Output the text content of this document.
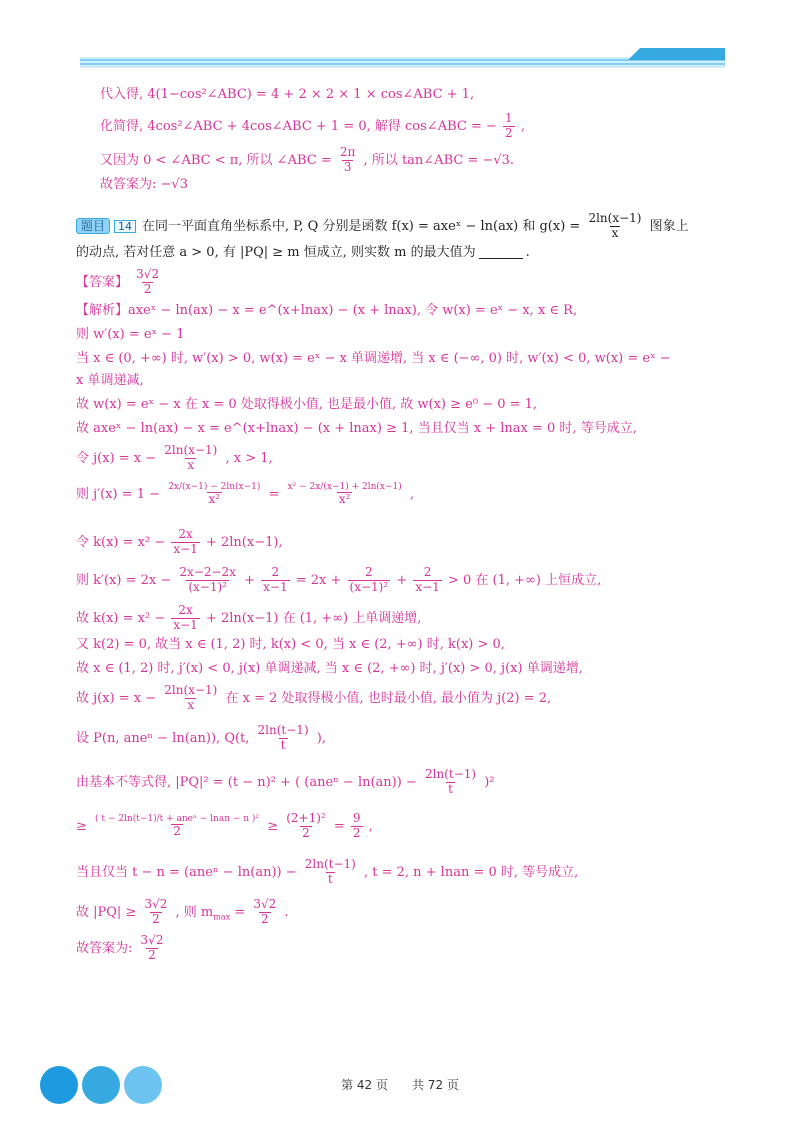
代入得, 4(1−cos²∠ABC) = 4 + 2 × 2 × 1 × cos∠ABC + 1,
化简得, 4cos²∠ABC + 4cos∠ABC + 1 = 0, 解得 cos∠ABC = − $\frac{1}{2}$ ,
又因为 0 < ∠ABC < π, 所以 ∠ABC = $\frac{2\pi}{3}$ , 所以 tan∠ABC = −√3.
故答案为: −√3
题目 14 在同一平面直角坐标系中, P, Q 分别是函数 f(x) = axeˣ − ln(ax) 和 $g(x) = \frac{2\ln(x-1)}{x}$ 图象上
的动点, 若对任意 a > 0, 有 |PQ| ≥ m 恒成立, 则实数 m 的最大值为	.
【答案】 $\frac{3√2}{2}$
【解析】axeˣ − ln(ax) − x = e^(x+lnax) − (x + lnax), 令 w(x) = eˣ − x, x ∈ R,
则 w′(x) = eˣ − 1
当 x ∈ (0, +∞) 时, w′(x) > 0, w(x) = eˣ − x 单调递增, 当 x ∈ (−∞, 0) 时, w′(x) < 0, w(x) = eˣ −
x 单调递减,
故 w(x) = eˣ − x 在 x = 0 处取得极小值, 也是最小值, 故 w(x) ≥ e⁰ − 0 = 1,
故 axeˣ − ln(ax) − x = e^(x+lnax) − (x + lnax) ≥ 1, 当且仅当 x + lnax = 0 时, 等号成立,
令 $j(x) = x - \frac{2\ln(x-1)}{x}$ , x > 1,
则 $j'(x) = 1 - \frac{2x/(x-1) - 2\ln(x-1)}{\text{x²}} = \frac{\text{x² − 2x/(x−1) + 2ln(x−1)}}{\text{x²}}$ ,
令 $k(x) = x^2 - \frac{2x}{x-1} + 2\ln(x-1)$,
则 $k'(x) = 2x - \frac{2x-2-2x}{\text{(x−1)²}} + \frac{2}{x-1} = 2x + \frac{2}{\text{(x−1)²}} + \frac{2}{x-1} > 0$ 在 (1, +∞) 上恒成立,
故 $k(x) = x^2 - \frac{2x}{x-1} + 2\ln(x-1)$ 在 (1, +∞) 上单调递增,
又 k(2) = 0, 故当 x ∈ (1, 2) 时, k(x) < 0, 当 x ∈ (2, +∞) 时, k(x) > 0,
故 x ∈ (1, 2) 时, j′(x) < 0, j(x) 单调递减, 当 x ∈ (2, +∞) 时, j′(x) > 0, j(x) 单调递增,
故 $j(x) = x - \frac{2\ln(x-1)}{x}$ 在 x = 2 处取得极小值, 也时最小值, 最小值为 j(2) = 2,
设 P(n, aneⁿ − ln(an)), Q(t, $\frac{2\ln(t-1)}{t}$ ),
由基本不等式得, |PQ|² = (t − n)² + ( $(ane^n - \ln(an)) - \frac{2\ln(t-1)}{t} )^2$
≥ $\frac{\text{( t − 2ln(t−1)/t + aneⁿ − lnan − n )²}}{2} \ge \frac{\text{(2+1)²}}{2} = \frac{9}{2}$ ,
当且仅当 $t - n = (ane^n - \ln(an)) - \frac{2\ln(t-1)}{t}$ , t = 2, n + lnan = 0 时, 等号成立,
故 $|PQ| \ge \frac{3√2}{2}$ , 则 $m_{max} = \frac{3√2}{2}$ .
故答案为: $\frac{3√2}{2}$
第 42 页　　共 72 页
